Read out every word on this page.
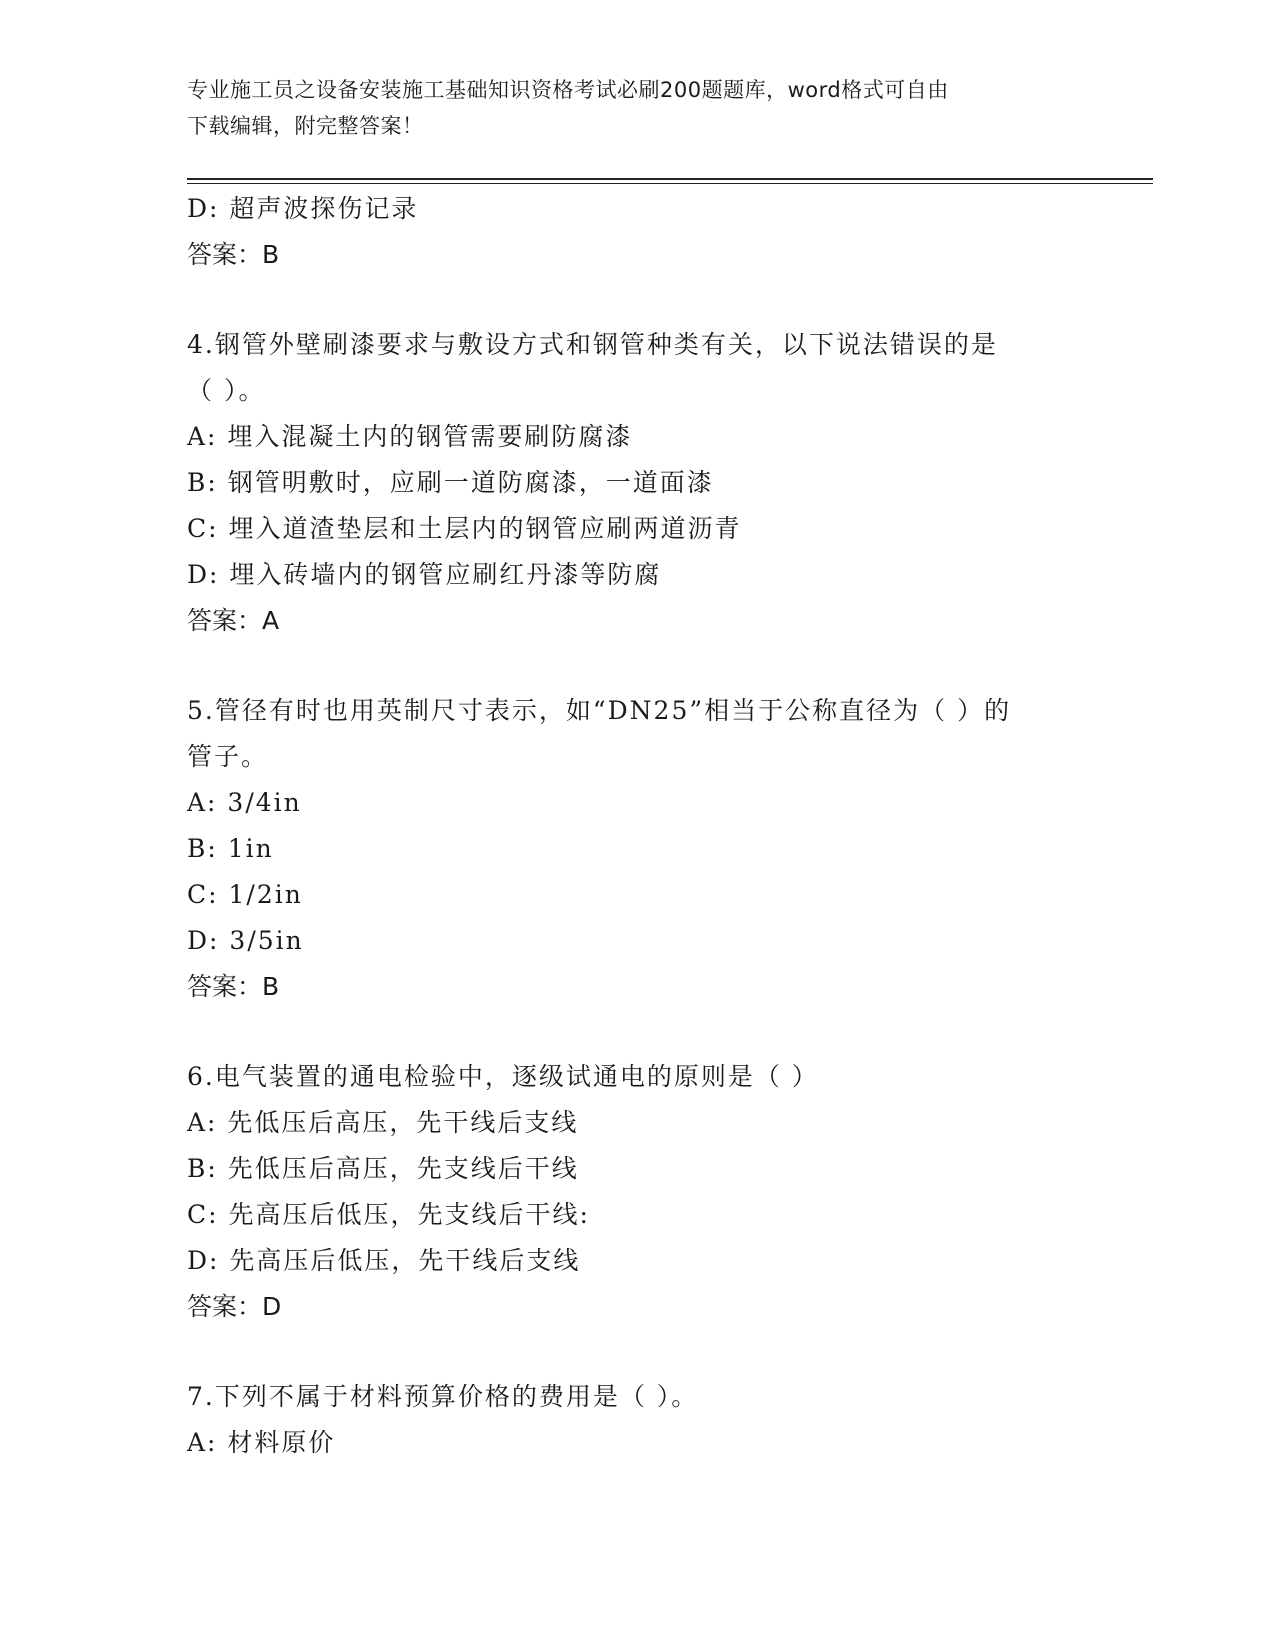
专业施工员之设备安装施工基础知识资格考试必刷200题题库，word格式可自由
下载编辑，附完整答案！
D: 超声波探伤记录
答案：B
4.钢管外壁刷漆要求与敷设方式和钢管种类有关，以下说法错误的是
（ ）。
A: 埋入混凝土内的钢管需要刷防腐漆
B: 钢管明敷时，应刷一道防腐漆，一道面漆
C: 埋入道渣垫层和土层内的钢管应刷两道沥青
D: 埋入砖墙内的钢管应刷红丹漆等防腐
答案：A
5.管径有时也用英制尺寸表示，如“DN25”相当于公称直径为（ ）的
管子。
A: 3/4in
B: 1in
C: 1/2in
D: 3/5in
答案：B
6.电气装置的通电检验中，逐级试通电的原则是（ ）
A: 先低压后高压，先干线后支线
B: 先低压后高压，先支线后干线
C: 先高压后低压，先支线后干线:
D: 先高压后低压，先干线后支线
答案：D
7.下列不属于材料预算价格的费用是（ ）。
A: 材料原价
